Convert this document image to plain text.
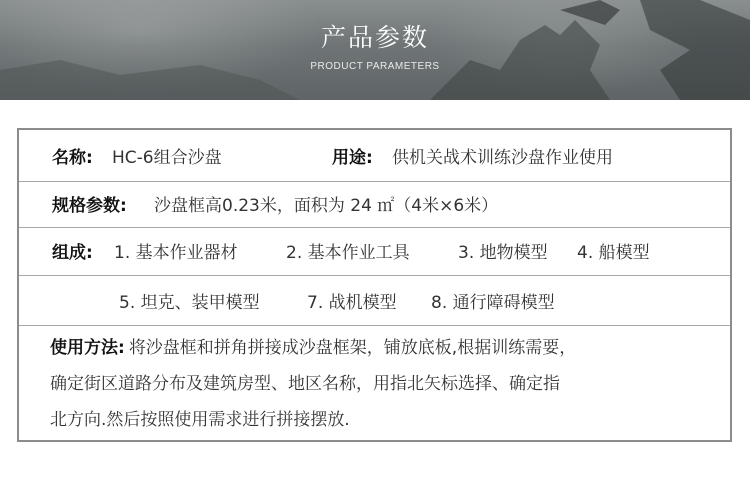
产品参数
PRODUCT PARAMETERS
名称: HC-6组合沙盘	用途: 供机关战术训练沙盘作业使用
规格参数: 沙盘框高0.23米，面积为 24 ㎡（4米×6米）
组成: 1. 基本作业器材	2. 基本作业工具	3. 地物模型 4. 船模型
5. 坦克、装甲模型	7. 战机模型 8. 通行障碍模型
使用方法: 将沙盘框和拼角拼接成沙盘框架，铺放底板,根据训练需要，
确定街区道路分布及建筑房型、地区名称，用指北矢标选择、确定指
北方向.然后按照使用需求进行拼接摆放.
